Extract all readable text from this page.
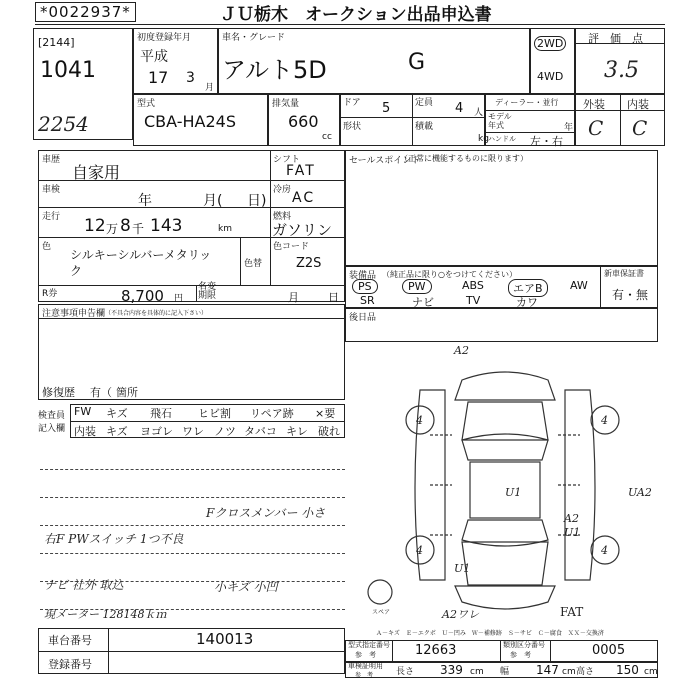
*0022937*	ＪＵ栃木　オークション出品申込書
[2144]
1041
2254
初度登録年月
平成
17 3
月
車名・グレード
アルト5D	G
2WD
4WD
評　価　点
3.5
型式
CBA-HA24S
排気量
660
cc
ドア 5	定員 4 人
形状	積載
kg
ディーラー・並行
モデル年式	年
ハンドル 左・右
外装 内装
C C
車歴
自家用
シフト
FAT
車検
年	月( 日)
冷房 AC
走行 12 万 8 千 143	km
燃料
ガソリン
色
シルキーシルバーメタリッ
ク	色替
色コード
Z2S
R券	8,700 円
名変期限	月	日
注意事項申告欄 （不具合内容を具体的に記入下さい）
修復歴 有（ 箇所
セールスポイント
（正常に機能するものに限ります）
装備品 （純正品に限り○をつけてください）	新車保証書
有・無
PS	PW	ABS	エアB	AW
SR	ナビ	TV	カワ
後日品
検査員
記入欄
FW キズ 飛石 ヒビ割 リペア跡 ×要
内装 キズ ヨゴレ ワレ ノツ タバコ キレ 破れ
Fクロスメンバー 小さ
右F PWスイッチ 1つ不良
ナビ 社外 取込	小キズ 小凹
現メーター 128148ｋｍ
A2
4	4
4	4
U1	UA2
A2
U1
U1
A2ワレ	FAT
スペア
Ａ－キズ　Ｅ－エクボ　Ｕ－凹み　Ｗ－補修跡　Ｓ－サビ　Ｃ－腐食　ＸＸ－交換済
車台番号	140013
登録番号
型式指定番号
参　考	12663	類別区分番号
参　考	0005
車検証明用
参　考	長さ 339 cm 幅 147 cm 高さ 150 cm
